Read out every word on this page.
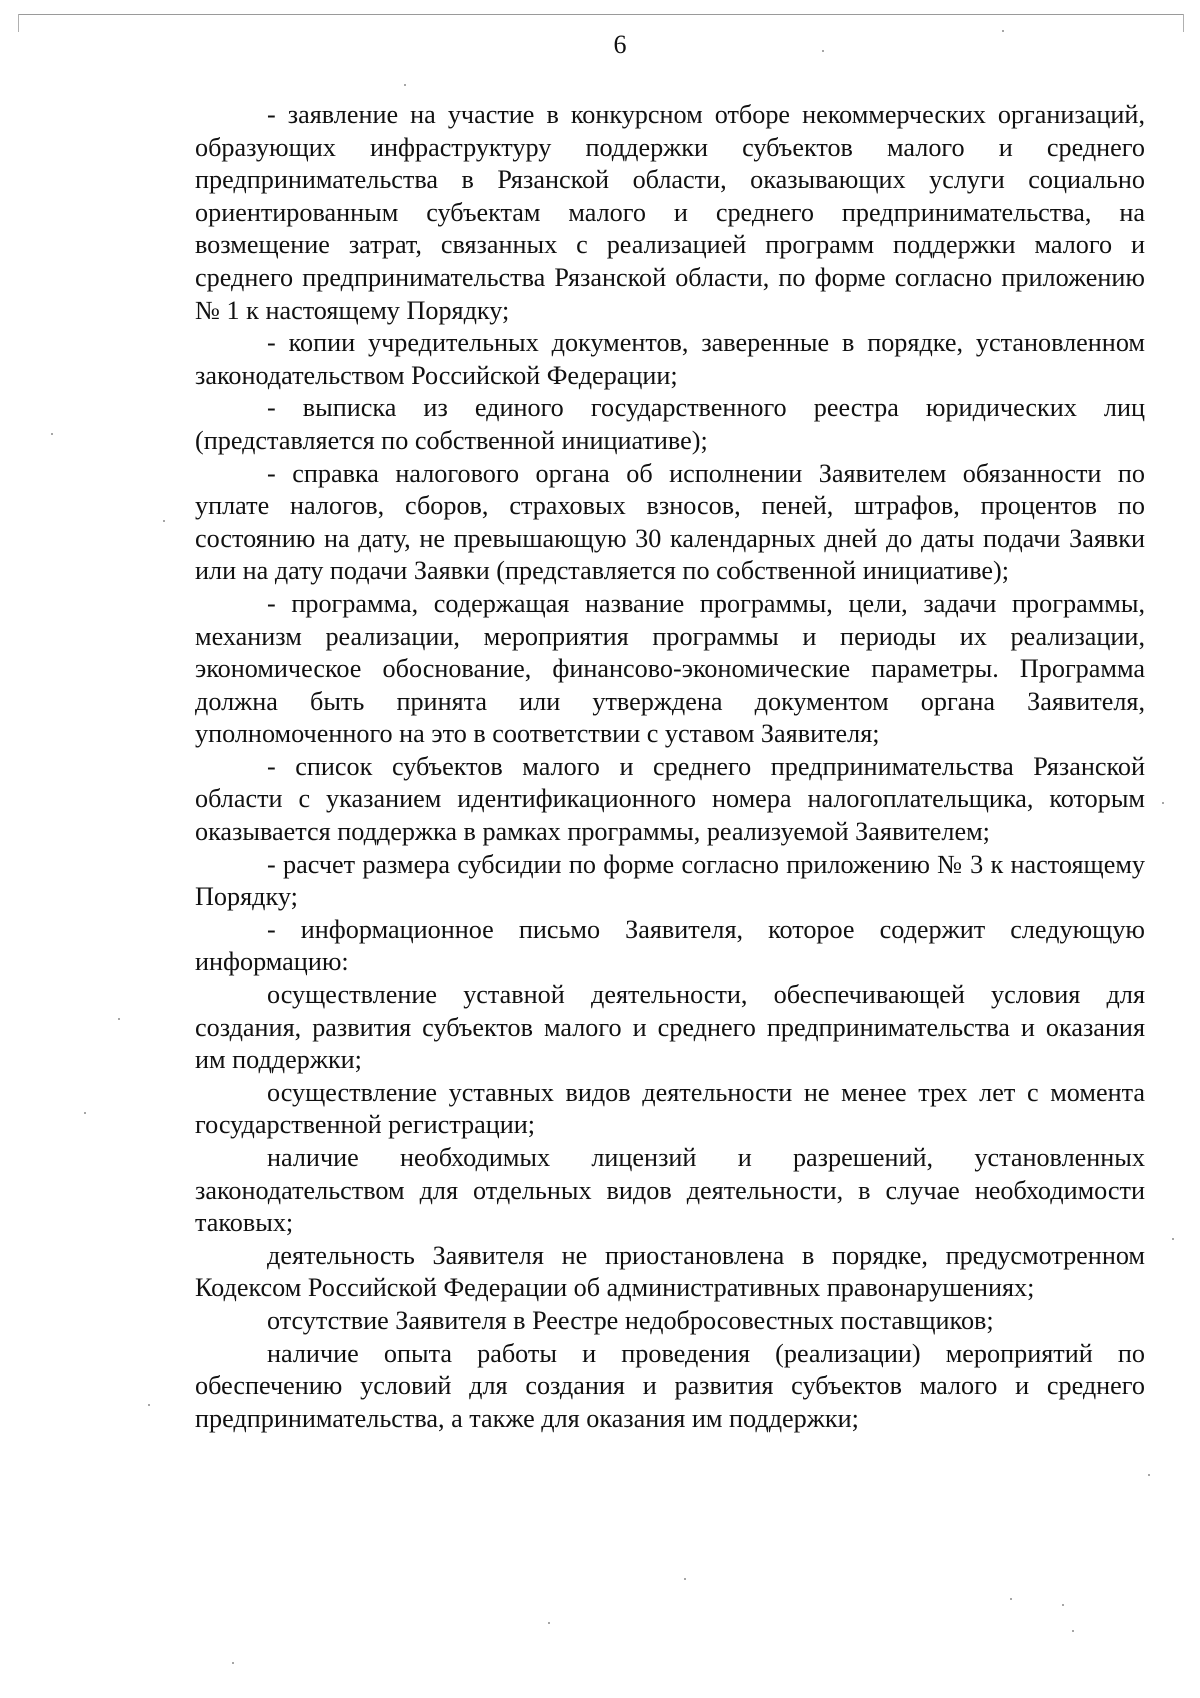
6

- заявление на участие в конкурсном отборе некоммерческих организаций, образующих инфраструктуру поддержки субъектов малого и среднего предпринимательства в Рязанской области, оказывающих услуги социально ориентированным субъектам малого и среднего предпринимательства, на возмещение затрат, связанных с реализацией программ поддержки малого и среднего предпринимательства Рязанской области, по форме согласно приложению № 1 к настоящему Порядку;

- копии учредительных документов, заверенные в порядке, установленном законодательством Российской Федерации;

- выписка из единого государственного реестра юридических лиц (представляется по собственной инициативе);

- справка налогового органа об исполнении Заявителем обязанности по уплате налогов, сборов, страховых взносов, пеней, штрафов, процентов по состоянию на дату, не превышающую 30 календарных дней до даты подачи Заявки или на дату подачи Заявки (представляется по собственной инициативе);

- программа, содержащая название программы, цели, задачи программы, механизм реализации, мероприятия программы и периоды их реализации, экономическое обоснование, финансово-экономические параметры. Программа должна быть принята или утверждена документом органа Заявителя, уполномоченного на это в соответствии с уставом Заявителя;

- список субъектов малого и среднего предпринимательства Рязанской области с указанием идентификационного номера налогоплательщика, которым оказывается поддержка в рамках программы, реализуемой Заявителем;

- расчет размера субсидии по форме согласно приложению № 3 к настоящему Порядку;

- информационное письмо Заявителя, которое содержит следующую информацию:

осуществление уставной деятельности, обеспечивающей условия для создания, развития субъектов малого и среднего предпринимательства и оказания им поддержки;

осуществление уставных видов деятельности не менее трех лет с момента государственной регистрации;

наличие необходимых лицензий и разрешений, установленных законодательством для отдельных видов деятельности, в случае необходимости таковых;

деятельность Заявителя не приостановлена в порядке, предусмотренном Кодексом Российской Федерации об административных правонарушениях;

отсутствие Заявителя в Реестре недобросовестных поставщиков;

наличие опыта работы и проведения (реализации) мероприятий по обеспечению условий для создания и развития субъектов малого и среднего предпринимательства, а также для оказания им поддержки;
